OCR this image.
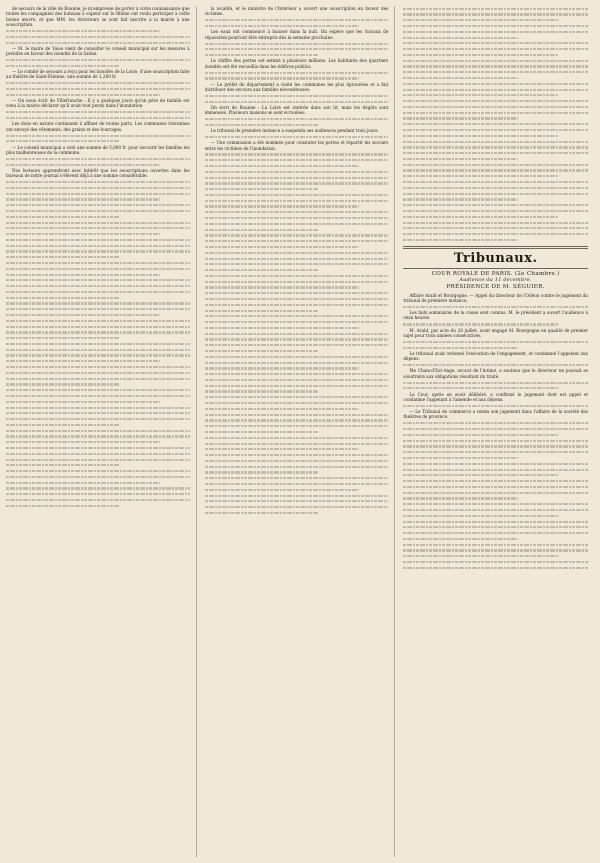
de secours de la ville de Roanne, je m'empresse de porter à votre connaissance que toutes les compagnies des bateaux à vapeur sur le Rhône ont voulu participer à cette bonne œuvre, et que MM. les directeurs se sont fait inscrire à la mairie à une souscription.

— M. le maire de Vaise vient de consulter le conseil municipal sur les mesures à prendre en faveur des inondés de la Saône.

— Le comité de secours a reçu pour les inondés de la Loire, d'une souscription faite au théâtre de Saint-Étienne, une somme de 1,200 fr.

— On nous écrit de Villefranche : Il y a quelques jours qu'un père de famille est venu à la mairie déclarer qu'il avait tout perdu dans l'inondation.

Les dons en nature continuent à affluer de toutes parts. Les communes riveraines ont envoyé des vêtements, des grains et des fourrages.

— Le conseil municipal a voté une somme de 5,000 fr. pour secourir les familles les plus malheureuses de la commune.

Nos lecteurs apprendront avec intérêt que les souscriptions ouvertes dans les bureaux de notre journal s'élèvent déjà à une somme considérable.

la localité, et le ministre de l'Intérieur a ouvert une souscription en faveur des victimes.

Les eaux ont commencé à baisser dans la nuit. On espère que les travaux de réparation pourront être entrepris dès la semaine prochaine.

Le chiffre des pertes est estimé à plusieurs millions. Les habitants des quartiers inondés ont été recueillis dans les édifices publics.

— Le préfet du département a visité les communes les plus éprouvées et a fait distribuer des secours aux familles nécessiteuses.

On écrit de Roanne : La Loire est rentrée dans son lit, mais les dégâts sont immenses. Plusieurs maisons se sont écroulées.

Le tribunal de première instance a suspendu ses audiences pendant trois jours.

— Une commission a été nommée pour constater les pertes et répartir les secours entre les victimes de l'inondation.

Tribunaux.
COUR ROYALE DE PARIS. (2e Chambre.)
Audience du 11 décembre.
PRÉSIDENCE DE M. SÉGUIER.

Affaire Arald et Bourgogne. — Appel du directeur de l'Odéon contre le jugement du tribunal de première instance.

Les faits sommaires de la cause sont connus. M. le président a ouvert l'audience à onze heures.

M. Arald, par acte du 28 juillet, avait engagé M. Bourgogne en qualité de premier sujet pour trois années consécutives.

Le tribunal avait ordonné l'exécution de l'engagement, et condamné l'appelant aux dépens.

Me Chaix-d'Est-Ange, avocat de l'intimé, a soutenu que le directeur ne pouvait se soustraire aux obligations résultant du traité.

La Cour, après en avoir délibéré, a confirmé le jugement dont est appel et condamné l'appelant à l'amende et aux dépens.

— Le Tribunal de commerce a rendu son jugement dans l'affaire de la société des théâtres de province.
